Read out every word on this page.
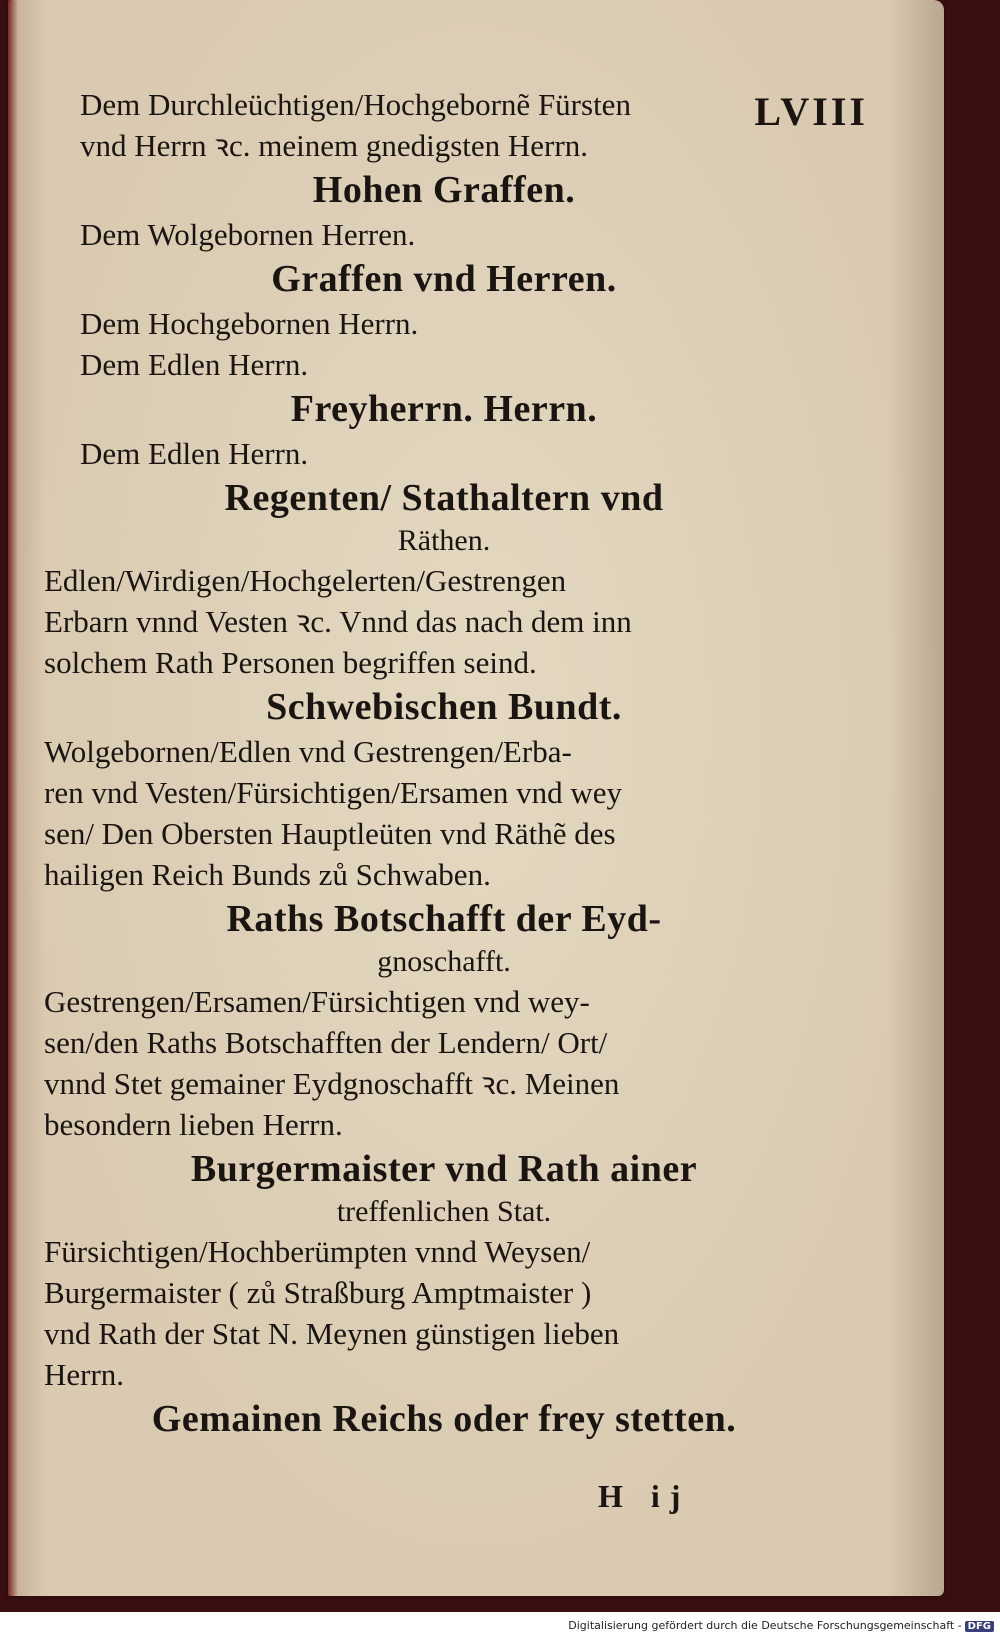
LVIII
Dem Durchleüchtigen/Hochgebornẽ Fürsten
vnd Herrn ꝛc. meinem gnedigsten Herrn.
Hohen Graffen.
Dem Wolgebornen Herren.
Graffen vnd Herren.
Dem Hochgebornen Herrn.
Dem Edlen Herrn.
Freyherrn. Herrn.
Dem Edlen Herrn.
Regenten/ Stathaltern vnd
Räthen.
Edlen/Wirdigen/Hochgelerten/Gestrengen
Erbarn vnnd Vesten ꝛc. Vnnd das nach dem inn
solchem Rath Personen begriffen seind.
Schwebischen Bundt.
Wolgebornen/Edlen vnd Gestrengen/Erba-
ren vnd Vesten/Fürsichtigen/Ersamen vnd wey
sen/ Den Obersten Hauptleüten vnd Räthẽ des
hailigen Reich Bunds zů Schwaben.
Raths Botschafft der Eyd-
gnoschafft.
Gestrengen/Ersamen/Fürsichtigen vnd wey-
sen/den Raths Botschafften der Lendern/ Ort/
vnnd Stet gemainer Eydgnoschafft ꝛc. Meinen
besondern lieben Herrn.
Burgermaister vnd Rath ainer
treffenlichen Stat.
Fürsichtigen/Hochberümpten vnnd Weysen/
Burgermaister ( zů Straßburg Amptmaister )
vnd Rath der Stat N. Meynen günstigen lieben
Herrn.
Gemainen Reichs oder frey stetten.
H ij
Digitalisierung gefördert durch die Deutsche Forschungsgemeinschaft - DFG
